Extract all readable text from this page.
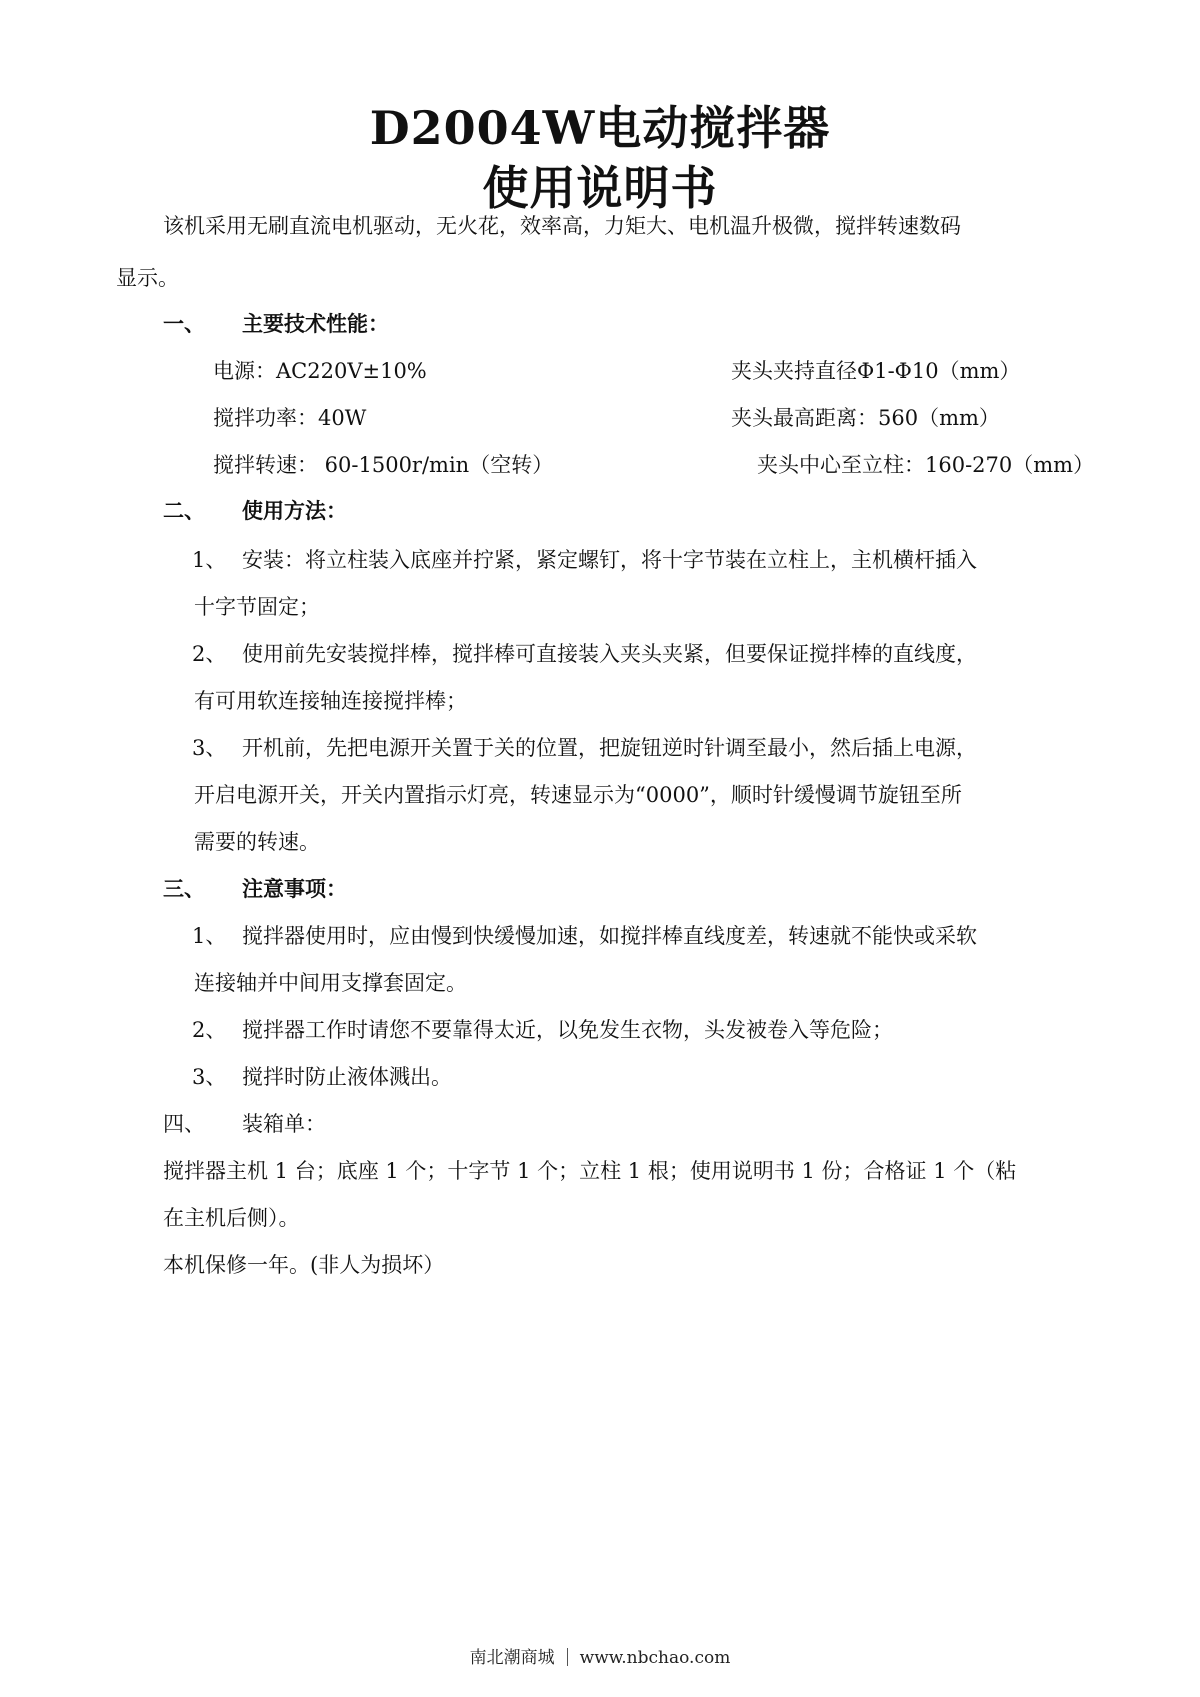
D2004W电动搅拌器
使用说明书
该机采用无刷直流电机驱动，无火花，效率高，力矩大、电机温升极微，搅拌转速数码
显示。
一、 主要技术性能：
电源：AC220V±10%	夹头夹持直径Φ1-Φ10（mm）
搅拌功率：40W	夹头最高距离：560（mm）
搅拌转速： 60-1500r/min（空转）	夹头中心至立柱：160-270（mm）
二、 使用方法：
1、 安装：将立柱装入底座并拧紧，紧定螺钉，将十字节装在立柱上，主机横杆插入
十字节固定；
2、 使用前先安装搅拌棒，搅拌棒可直接装入夹头夹紧，但要保证搅拌棒的直线度，
有可用软连接轴连接搅拌棒；
3、 开机前，先把电源开关置于关的位置，把旋钮逆时针调至最小，然后插上电源，
开启电源开关，开关内置指示灯亮，转速显示为“0000”，顺时针缓慢调节旋钮至所
需要的转速。
三、 注意事项：
1、 搅拌器使用时，应由慢到快缓慢加速，如搅拌棒直线度差，转速就不能快或采软
连接轴并中间用支撑套固定。
2、 搅拌器工作时请您不要靠得太近，以免发生衣物，头发被卷入等危险；
3、 搅拌时防止液体溅出。
四、 装箱单：
搅拌器主机 1 台；底座 1 个；十字节 1 个；立柱 1 根；使用说明书 1 份；合格证 1 个（粘
在主机后侧）。
本机保修一年。(非人为损坏）
南北潮商城 www.nbchao.com
